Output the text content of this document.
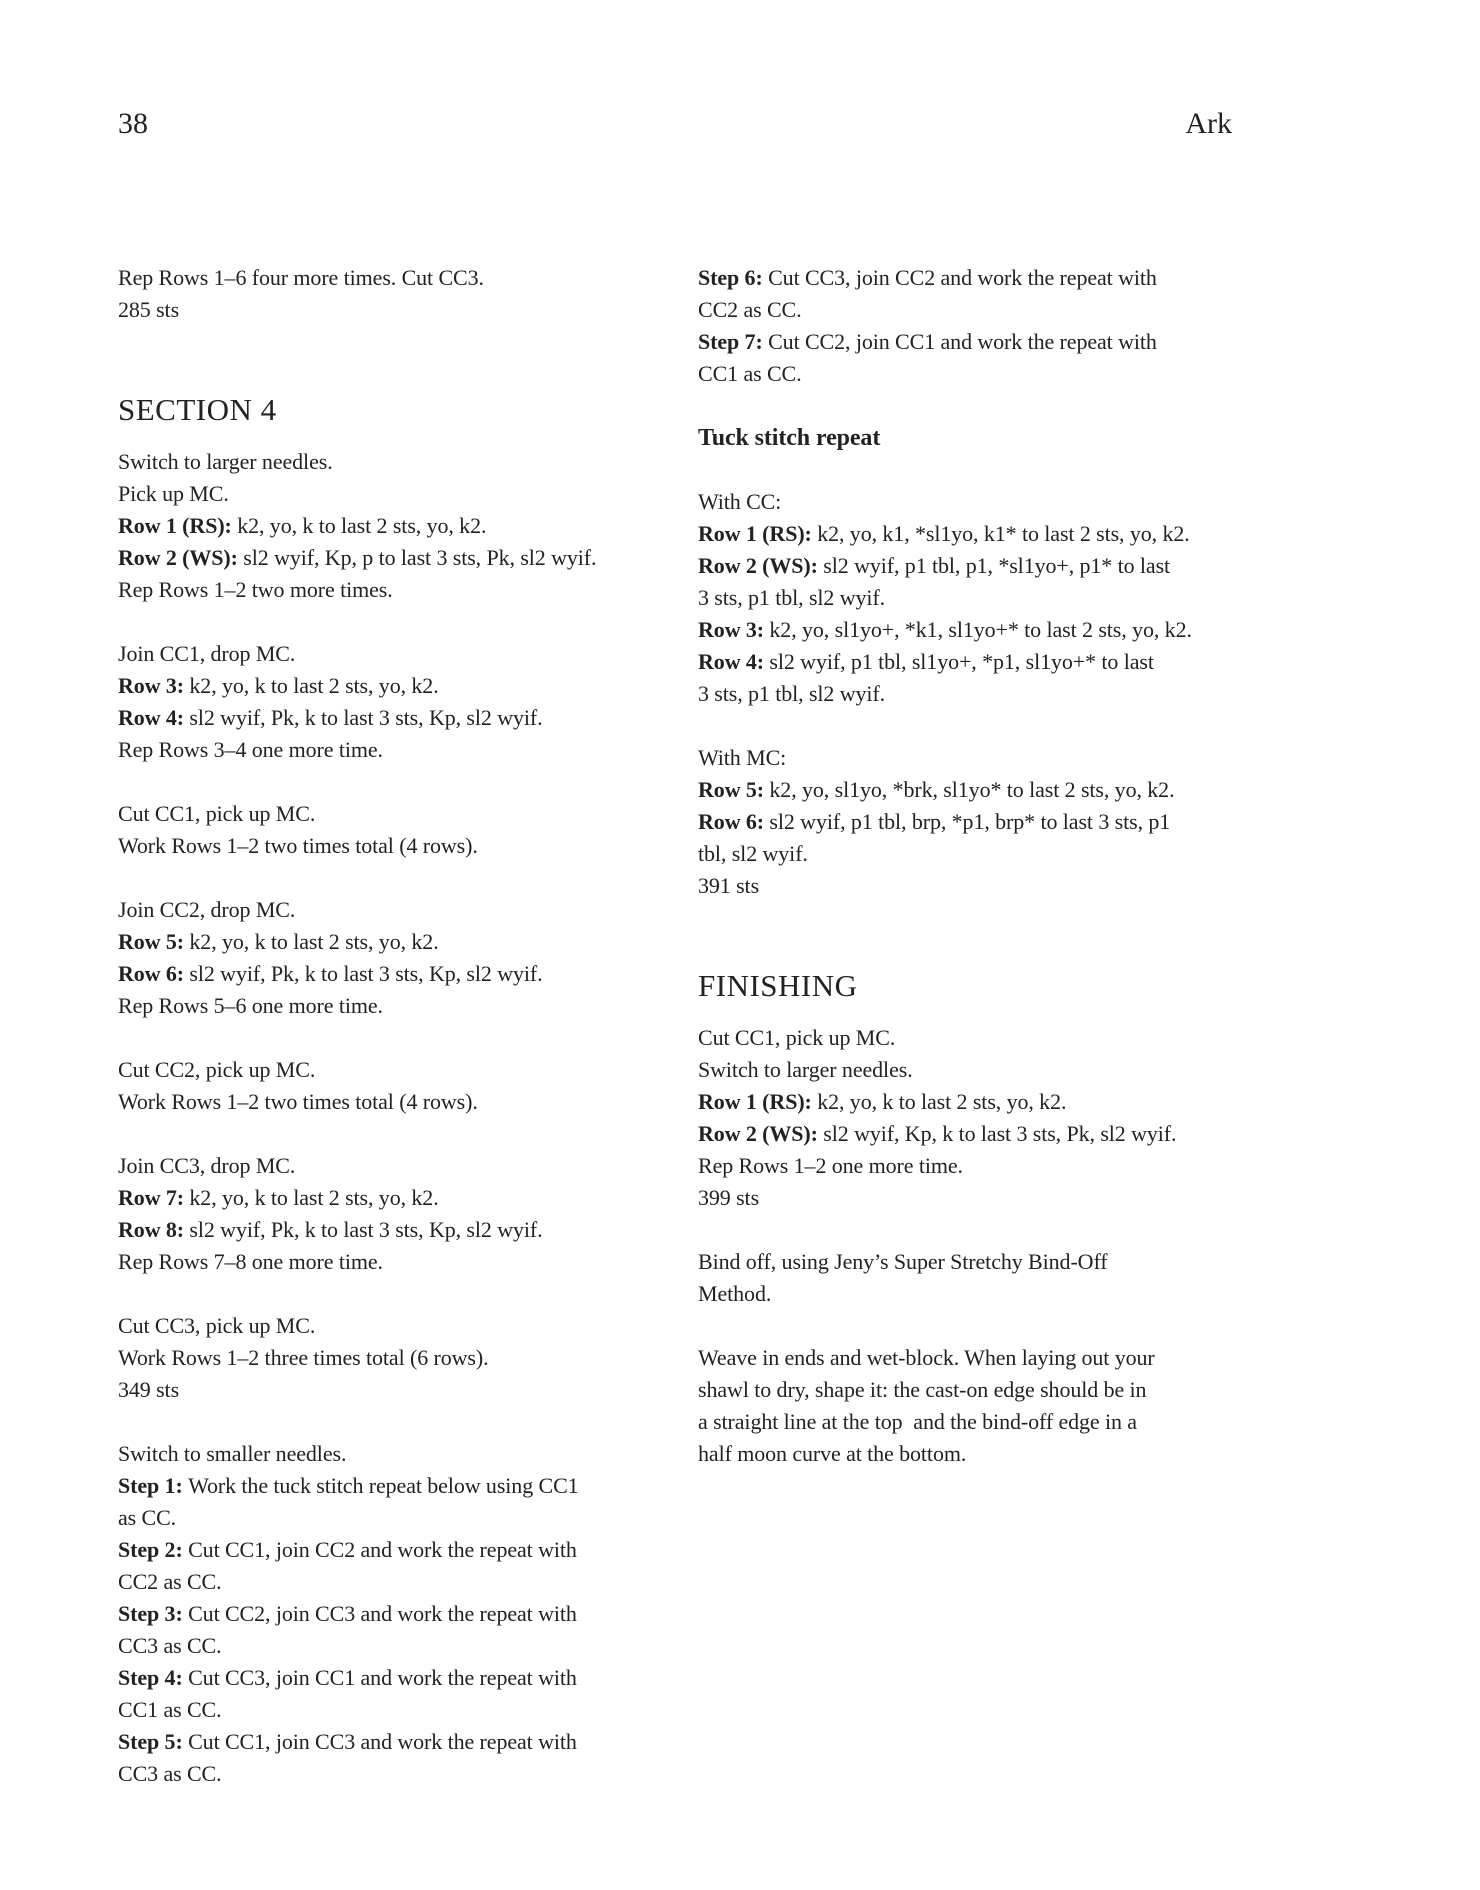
38	Ark
Rep Rows 1–6 four more times. Cut CC3.
285 sts
SECTION 4
Switch to larger needles.
Pick up MC.
Row 1 (RS): k2, yo, k to last 2 sts, yo, k2.
Row 2 (WS): sl2 wyif, Kp, p to last 3 sts, Pk, sl2 wyif.
Rep Rows 1–2 two more times.
Join CC1, drop MC.
Row 3: k2, yo, k to last 2 sts, yo, k2.
Row 4: sl2 wyif, Pk, k to last 3 sts, Kp, sl2 wyif.
Rep Rows 3–4 one more time.
Cut CC1, pick up MC.
Work Rows 1–2 two times total (4 rows).
Join CC2, drop MC.
Row 5: k2, yo, k to last 2 sts, yo, k2.
Row 6: sl2 wyif, Pk, k to last 3 sts, Kp, sl2 wyif.
Rep Rows 5–6 one more time.
Cut CC2, pick up MC.
Work Rows 1–2 two times total (4 rows).
Join CC3, drop MC.
Row 7: k2, yo, k to last 2 sts, yo, k2.
Row 8: sl2 wyif, Pk, k to last 3 sts, Kp, sl2 wyif.
Rep Rows 7–8 one more time.
Cut CC3, pick up MC.
Work Rows 1–2 three times total (6 rows).
349 sts
Switch to smaller needles.
Step 1: Work the tuck stitch repeat below using CC1
as CC.
Step 2: Cut CC1, join CC2 and work the repeat with
CC2 as CC.
Step 3: Cut CC2, join CC3 and work the repeat with
CC3 as CC.
Step 4: Cut CC3, join CC1 and work the repeat with
CC1 as CC.
Step 5: Cut CC1, join CC3 and work the repeat with
CC3 as CC.
Step 6: Cut CC3, join CC2 and work the repeat with
CC2 as CC.
Step 7: Cut CC2, join CC1 and work the repeat with
CC1 as CC.
Tuck stitch repeat
With CC:
Row 1 (RS): k2, yo, k1, *sl1yo, k1* to last 2 sts, yo, k2.
Row 2 (WS): sl2 wyif, p1 tbl, p1, *sl1yo+, p1* to last
3 sts, p1 tbl, sl2 wyif.
Row 3: k2, yo, sl1yo+, *k1, sl1yo+* to last 2 sts, yo, k2.
Row 4: sl2 wyif, p1 tbl, sl1yo+, *p1, sl1yo+* to last
3 sts, p1 tbl, sl2 wyif.
With MC:
Row 5: k2, yo, sl1yo, *brk, sl1yo* to last 2 sts, yo, k2.
Row 6: sl2 wyif, p1 tbl, brp, *p1, brp* to last 3 sts, p1
tbl, sl2 wyif.
391 sts
FINISHING
Cut CC1, pick up MC.
Switch to larger needles.
Row 1 (RS): k2, yo, k to last 2 sts, yo, k2.
Row 2 (WS): sl2 wyif, Kp, k to last 3 sts, Pk, sl2 wyif.
Rep Rows 1–2 one more time.
399 sts
Bind off, using Jeny’s Super Stretchy Bind-Off
Method.
Weave in ends and wet-block. When laying out your
shawl to dry, shape it: the cast-on edge should be in
a straight line at the top  and the bind-off edge in a
half moon curve at the bottom.
